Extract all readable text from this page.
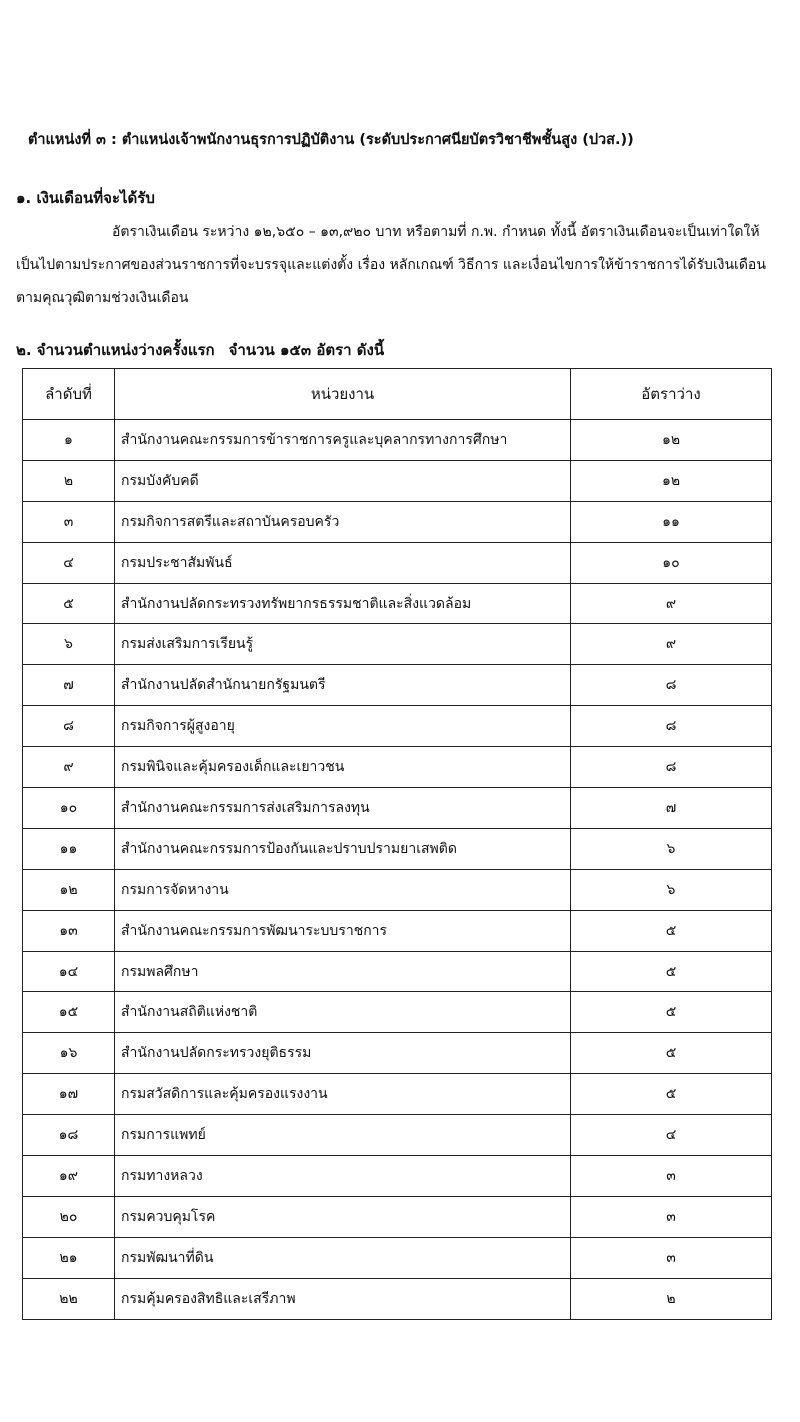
ตำแหน่งที่ ๓ : ตำแหน่งเจ้าพนักงานธุรการปฏิบัติงาน (ระดับประกาศนียบัตรวิชาชีพชั้นสูง (ปวส.))
๑. เงินเดือนที่จะได้รับ
อัตราเงินเดือน ระหว่าง ๑๒,๖๕๐ – ๑๓,๙๒๐ บาท หรือตามที่ ก.พ. กำหนด ทั้งนี้ อัตราเงินเดือนจะเป็นเท่าใดให้เป็นไปตามประกาศของส่วนราชการที่จะบรรจุและแต่งตั้ง เรื่อง หลักเกณฑ์ วิธีการ และเงื่อนไขการให้ข้าราชการได้รับเงินเดือนตามคุณวุฒิตามช่วงเงินเดือน
๒. จำนวนตำแหน่งว่างครั้งแรก จำนวน ๑๕๓ อัตรา ดังนี้
ลำดับที่	หน่วยงาน	อัตราว่าง
๑	สำนักงานคณะกรรมการข้าราชการครูและบุคลากรทางการศึกษา	๑๒
๒	กรมบังคับคดี	๑๒
๓	กรมกิจการสตรีและสถาบันครอบครัว	๑๑
๔	กรมประชาสัมพันธ์	๑๐
๕	สำนักงานปลัดกระทรวงทรัพยากรธรรมชาติและสิ่งแวดล้อม	๙
๖	กรมส่งเสริมการเรียนรู้	๙
๗	สำนักงานปลัดสำนักนายกรัฐมนตรี	๘
๘	กรมกิจการผู้สูงอายุ	๘
๙	กรมพินิจและคุ้มครองเด็กและเยาวชน	๘
๑๐	สำนักงานคณะกรรมการส่งเสริมการลงทุน	๗
๑๑	สำนักงานคณะกรรมการป้องกันและปราบปรามยาเสพติด	๖
๑๒	กรมการจัดหางาน	๖
๑๓	สำนักงานคณะกรรมการพัฒนาระบบราชการ	๕
๑๔	กรมพลศึกษา	๕
๑๕	สำนักงานสถิติแห่งชาติ	๕
๑๖	สำนักงานปลัดกระทรวงยุติธรรม	๕
๑๗	กรมสวัสดิการและคุ้มครองแรงงาน	๕
๑๘	กรมการแพทย์	๔
๑๙	กรมทางหลวง	๓
๒๐	กรมควบคุมโรค	๓
๒๑	กรมพัฒนาที่ดิน	๓
๒๒	กรมคุ้มครองสิทธิและเสรีภาพ	๒
